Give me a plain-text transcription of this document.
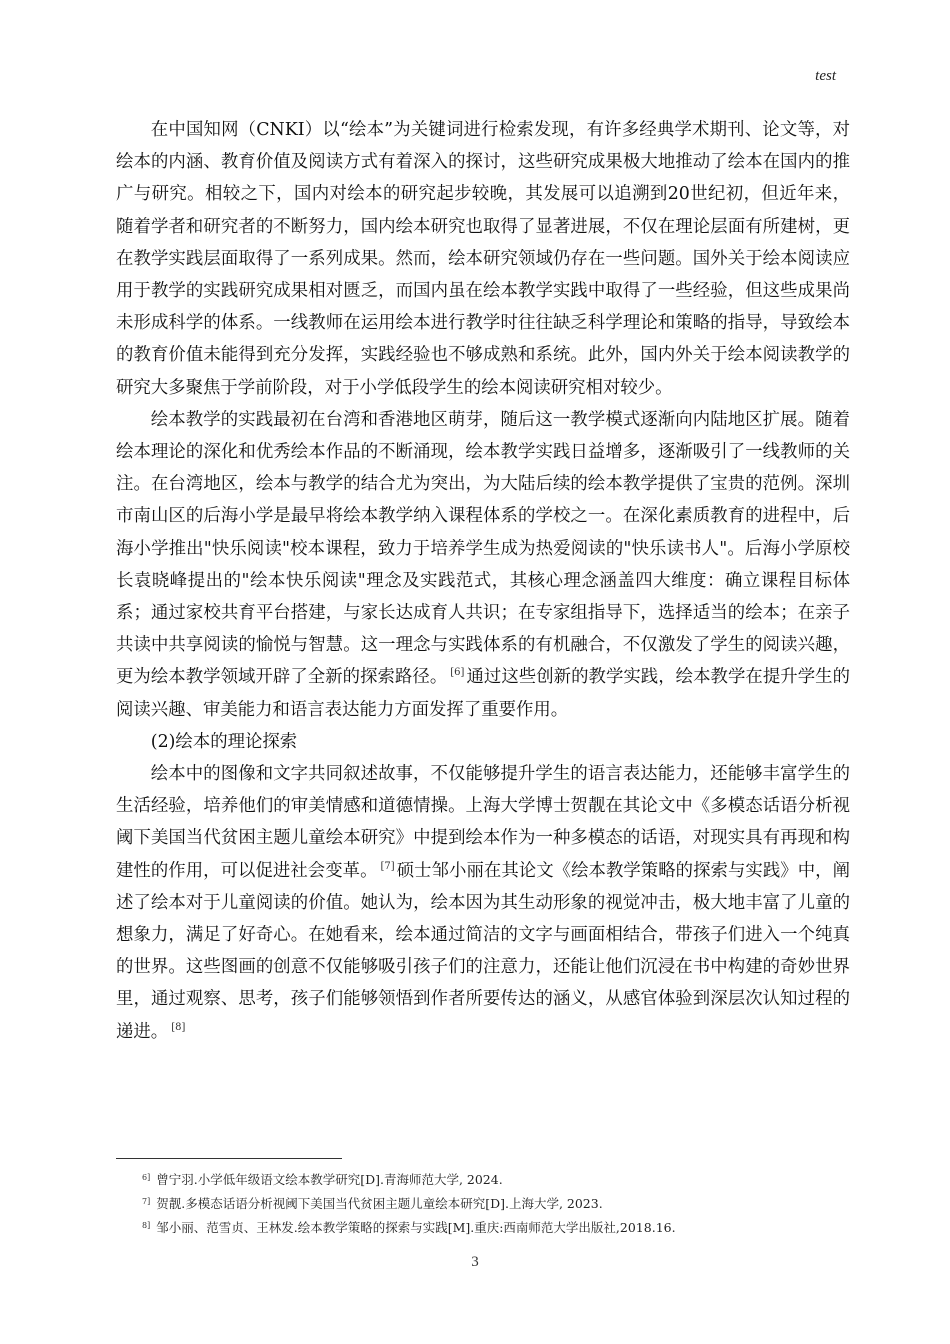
test

在中国知网（CNKI）以“绘本”为关键词进行检索发现，有许多经典学术期刊、论文等，对绘本的内涵、教育价值及阅读方式有着深入的探讨，这些研究成果极大地推动了绘本在国内的推广与研究。相较之下，国内对绘本的研究起步较晚，其发展可以追溯到20世纪初，但近年来，随着学者和研究者的不断努力，国内绘本研究也取得了显著进展，不仅在理论层面有所建树，更在教学实践层面取得了一系列成果。然而，绘本研究领域仍存在一些问题。国外关于绘本阅读应用于教学的实践研究成果相对匮乏，而国内虽在绘本教学实践中取得了一些经验，但这些成果尚未形成科学的体系。一线教师在运用绘本进行教学时往往缺乏科学理论和策略的指导，导致绘本的教育价值未能得到充分发挥，实践经验也不够成熟和系统。此外，国内外关于绘本阅读教学的研究大多聚焦于学前阶段，对于小学低段学生的绘本阅读研究相对较少。

绘本教学的实践最初在台湾和香港地区萌芽，随后这一教学模式逐渐向内陆地区扩展。随着绘本理论的深化和优秀绘本作品的不断涌现，绘本教学实践日益增多，逐渐吸引了一线教师的关注。在台湾地区，绘本与教学的结合尤为突出，为大陆后续的绘本教学提供了宝贵的范例。深圳市南山区的后海小学是最早将绘本教学纳入课程体系的学校之一。在深化素质教育的进程中，后海小学推出"快乐阅读"校本课程，致力于培养学生成为热爱阅读的"快乐读书人"。后海小学原校长袁晓峰提出的"绘本快乐阅读"理念及实践范式，其核心理念涵盖四大维度：确立课程目标体系；通过家校共育平台搭建，与家长达成育人共识；在专家组指导下，选择适当的绘本；在亲子共读中共享阅读的愉悦与智慧。这一理念与实践体系的有机融合，不仅激发了学生的阅读兴趣，更为绘本教学领域开辟了全新的探索路径。 [6] 通过这些创新的教学实践，绘本教学在提升学生的阅读兴趣、审美能力和语言表达能力方面发挥了重要作用。

(2)绘本的理论探索

绘本中的图像和文字共同叙述故事，不仅能够提升学生的语言表达能力，还能够丰富学生的生活经验，培养他们的审美情感和道德情操。上海大学博士贺靓在其论文中《多模态话语分析视阈下美国当代贫困主题儿童绘本研究》中提到绘本作为一种多模态的话语，对现实具有再现和构建性的作用，可以促进社会变革。 [7] 硕士邹小丽在其论文《绘本教学策略的探索与实践》中，阐述了绘本对于儿童阅读的价值。她认为，绘本因为其生动形象的视觉冲击，极大地丰富了儿童的想象力，满足了好奇心。在她看来，绘本通过简洁的文字与画面相结合，带孩子们进入一个纯真的世界。这些图画的创意不仅能够吸引孩子们的注意力，还能让他们沉浸在书中构建的奇妙世界里，通过观察、思考，孩子们能够领悟到作者所要传达的涵义，从感官体验到深层次认知过程的递进。 [8]

$^{6]}$ 曾宁羽.小学低年级语文绘本教学研究[D].青海师范大学, 2024.
$^{7]}$ 贺靓.多模态话语分析视阈下美国当代贫困主题儿童绘本研究[D].上海大学, 2023.
$^{8]}$ 邹小丽、范雪贞、王林发.绘本教学策略的探索与实践[M].重庆:西南师范大学出版社,2018.16.
3
